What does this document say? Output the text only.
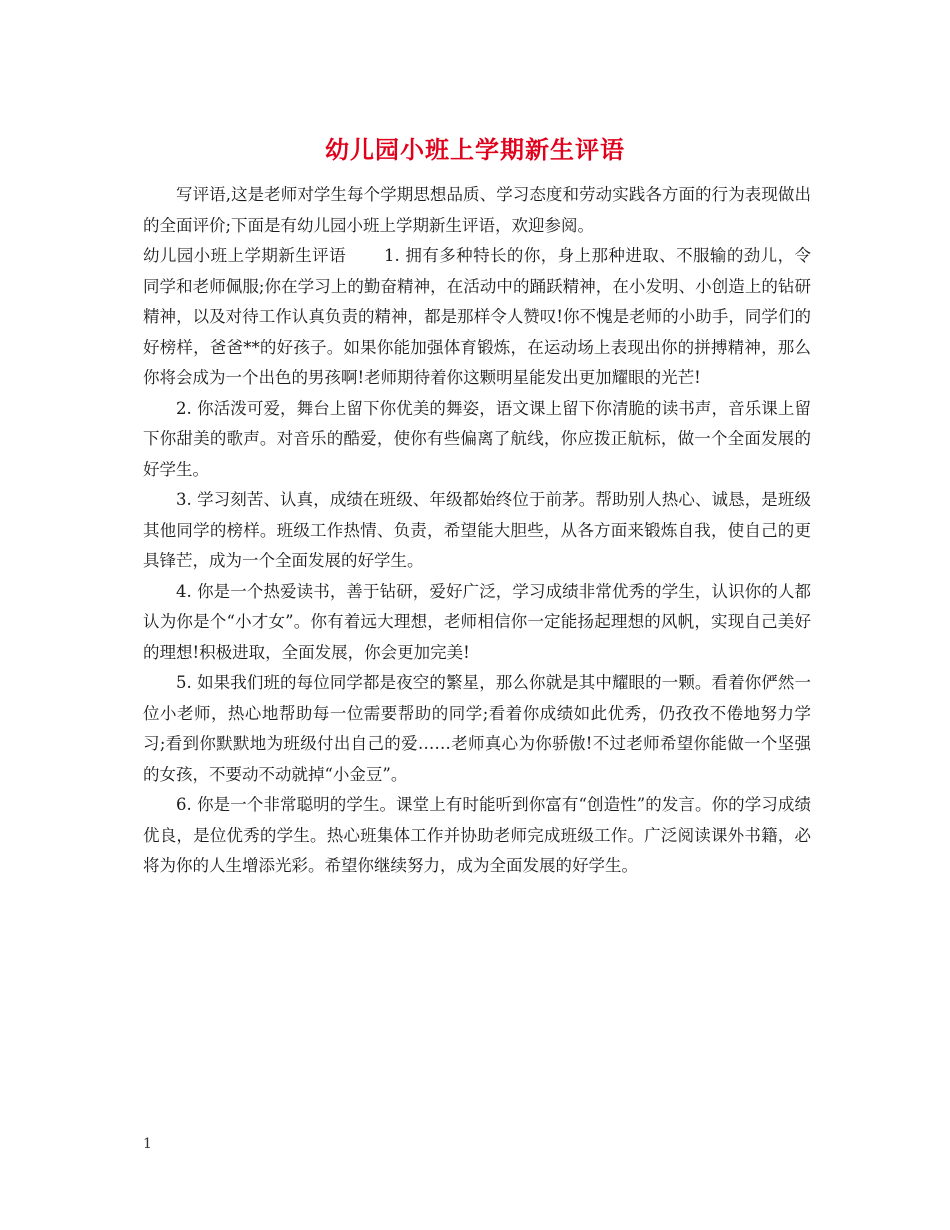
幼儿园小班上学期新生评语

写评语,这是老师对学生每个学期思想品质、学习态度和劳动实践各方面的行为表现做出的全面评价;下面是有幼儿园小班上学期新生评语，欢迎参阅。

幼儿园小班上学期新生评语 1. 拥有多种特长的你，身上那种进取、不服输的劲儿，令同学和老师佩服;你在学习上的勤奋精神，在活动中的踊跃精神，在小发明、小创造上的钻研精神，以及对待工作认真负责的精神，都是那样令人赞叹!你不愧是老师的小助手，同学们的好榜样，爸爸**的好孩子。如果你能加强体育锻炼，在运动场上表现出你的拼搏精神，那么你将会成为一个出色的男孩啊!老师期待着你这颗明星能发出更加耀眼的光芒!

2. 你活泼可爱，舞台上留下你优美的舞姿，语文课上留下你清脆的读书声，音乐课上留下你甜美的歌声。对音乐的酷爱，使你有些偏离了航线，你应拨正航标，做一个全面发展的好学生。

3. 学习刻苦、认真，成绩在班级、年级都始终位于前茅。帮助别人热心、诚恳，是班级其他同学的榜样。班级工作热情、负责，希望能大胆些，从各方面来锻炼自我，使自己的更具锋芒，成为一个全面发展的好学生。

4. 你是一个热爱读书，善于钻研，爱好广泛，学习成绩非常优秀的学生，认识你的人都认为你是个“小才女”。你有着远大理想，老师相信你一定能扬起理想的风帆，实现自己美好的理想!积极进取，全面发展，你会更加完美!

5. 如果我们班的每位同学都是夜空的繁星，那么你就是其中耀眼的一颗。看着你俨然一位小老师，热心地帮助每一位需要帮助的同学;看着你成绩如此优秀，仍孜孜不倦地努力学习;看到你默默地为班级付出自己的爱……老师真心为你骄傲!不过老师希望你能做一个坚强的女孩，不要动不动就掉“小金豆”。

6. 你是一个非常聪明的学生。课堂上有时能听到你富有“创造性”的发言。你的学习成绩优良，是位优秀的学生。热心班集体工作并协助老师完成班级工作。广泛阅读课外书籍，必将为你的人生增添光彩。希望你继续努力，成为全面发展的好学生。

1
